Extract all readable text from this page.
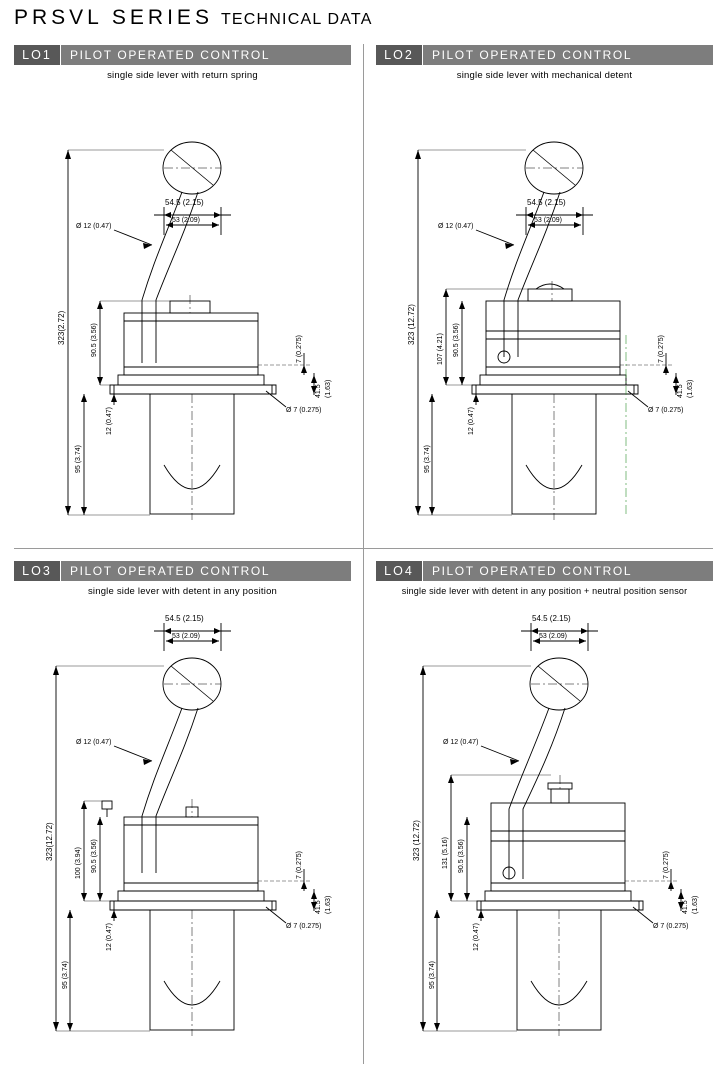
PRSVL SERIES TECHNICAL DATA
LO1	PILOT OPERATED CONTROL
single side lever with return spring
54.5 (2.15)
53 (2.09)
Ø 12 (0.47)
323(2.72)	90.5 (3.56)
95 (3.74)
12 (0.47)
7 (0.275)
41.5 (1.63)
Ø 7 (0.275)
LO2	PILOT OPERATED CONTROL
single side lever with mechanical detent
54.5 (2.15)
53 (2.09)
Ø 12 (0.47)
323 (12.72)
107 (4.21) 90.5 (3.56)
95 (3.74)
12 (0.47)
7 (0.275)
41.5 (1.63)
Ø 7 (0.275)
LO3	PILOT OPERATED CONTROL
single side lever with detent in any position
54.5 (2.15)
53 (2.09)
Ø 12 (0.47)
323(12.72)
100 (3.94) 90.5 (3.56)
95 (3.74)
12 (0.47)
7 (0.275)
41.5 (1.63)
Ø 7 (0.275)
LO4	PILOT OPERATED CONTROL
single side lever with detent in any position + neutral position sensor
54.5 (2.15)
53 (2.09)
Ø 12 (0.47)
323 (12.72)	131 (5.16) 90.5 (3.56)
95 (3.74)
12 (0.47)
7 (0.275)
41.5 (1.63)
Ø 7 (0.275)
